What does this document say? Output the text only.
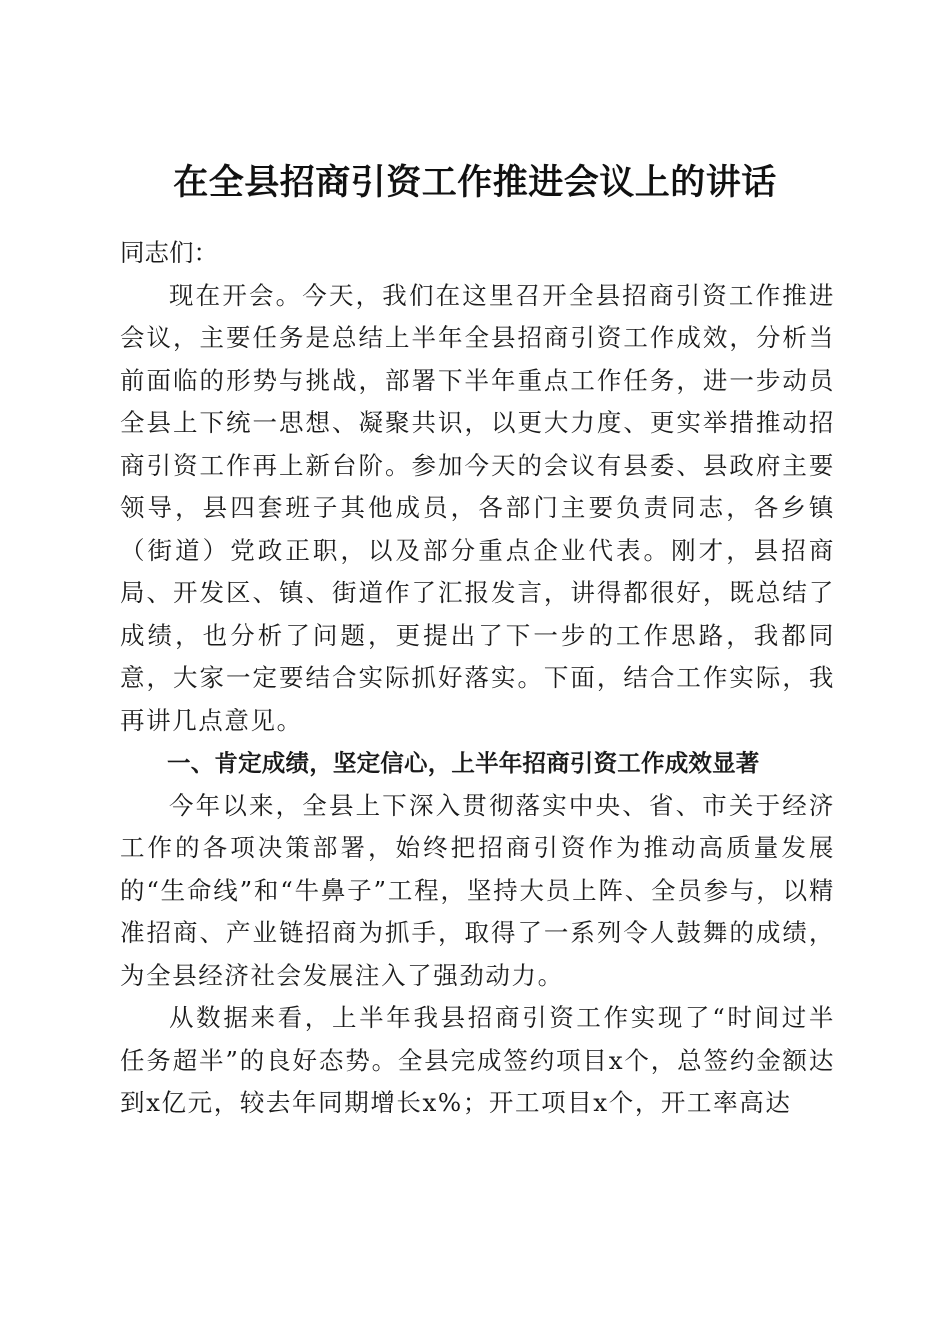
在全县招商引资工作推进会议上的讲话

同志们：

现在开会。今天，我们在这里召开全县招商引资工作推进会议，主要任务是总结上半年全县招商引资工作成效，分析当前面临的形势与挑战，部署下半年重点工作任务，进一步动员全县上下统一思想、凝聚共识，以更大力度、更实举措推动招商引资工作再上新台阶。参加今天的会议有县委、县政府主要领导，县四套班子其他成员，各部门主要负责同志，各乡镇（街道）党政正职，以及部分重点企业代表。刚才，县招商局、开发区、镇、街道作了汇报发言，讲得都很好，既总结了成绩，也分析了问题，更提出了下一步的工作思路，我都同意，大家一定要结合实际抓好落实。下面，结合工作实际，我再讲几点意见。

一、肯定成绩，坚定信心，上半年招商引资工作成效显著

今年以来，全县上下深入贯彻落实中央、省、市关于经济工作的各项决策部署，始终把招商引资作为推动高质量发展的“生命线”和“牛鼻子”工程，坚持大员上阵、全员参与，以精准招商、产业链招商为抓手，取得了一系列令人鼓舞的成绩，为全县经济社会发展注入了强劲动力。

从数据来看，上半年我县招商引资工作实现了“时间过半任务超半”的良好态势。全县完成签约项目x个，总签约金额达到x亿元，较去年同期增长x%；开工项目x个，开工率高达
